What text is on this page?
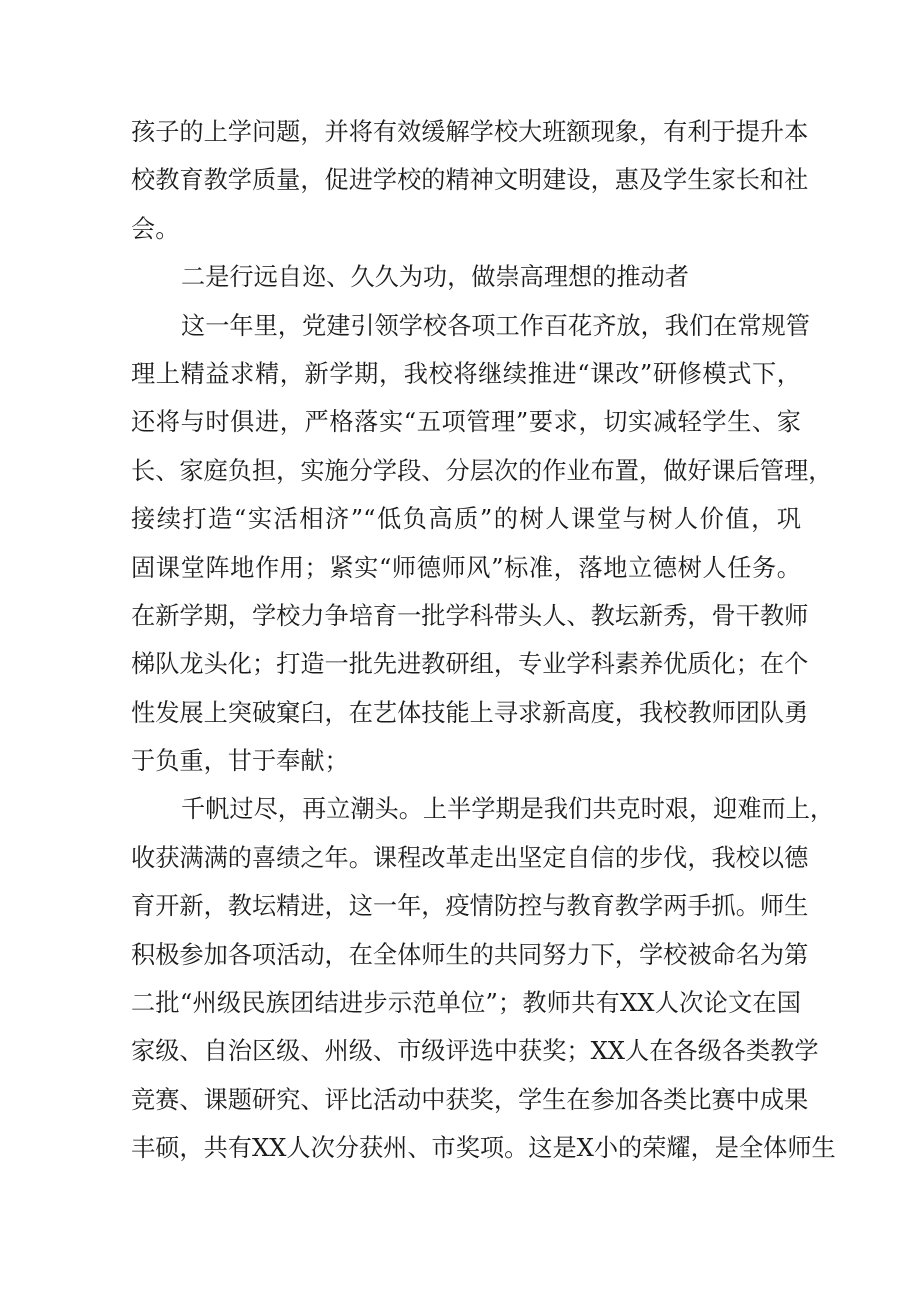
孩子的上学问题，并将有效缓解学校大班额现象，有利于提升本
校教育教学质量，促进学校的精神文明建设，惠及学生家长和社
会。
二是行远自迩、久久为功，做崇高理想的推动者
这一年里，党建引领学校各项工作百花齐放，我们在常规管
理上精益求精，新学期，我校将继续推进“课改”研修模式下，
还将与时俱进，严格落实“五项管理”要求，切实减轻学生、家
长、家庭负担，实施分学段、分层次的作业布置，做好课后管理，
接续打造“实活相济”“低负高质”的树人课堂与树人价值，巩
固课堂阵地作用；紧实“师德师风”标准，落地立德树人任务。
在新学期，学校力争培育一批学科带头人、教坛新秀，骨干教师
梯队龙头化；打造一批先进教研组，专业学科素养优质化；在个
性发展上突破窠臼，在艺体技能上寻求新高度，我校教师团队勇
于负重，甘于奉献；
千帆过尽，再立潮头。上半学期是我们共克时艰，迎难而上，
收获满满的喜绩之年。课程改革走出坚定自信的步伐，我校以德
育开新，教坛精进，这一年，疫情防控与教育教学两手抓。师生
积极参加各项活动，在全体师生的共同努力下，学校被命名为第
二批“州级民族团结进步示范单位”；教师共有XX人次论文在国
家级、自治区级、州级、市级评选中获奖；XX人在各级各类教学
竞赛、课题研究、评比活动中获奖，学生在参加各类比赛中成果
丰硕，共有XX人次分获州、市奖项。这是X小的荣耀，是全体师生
